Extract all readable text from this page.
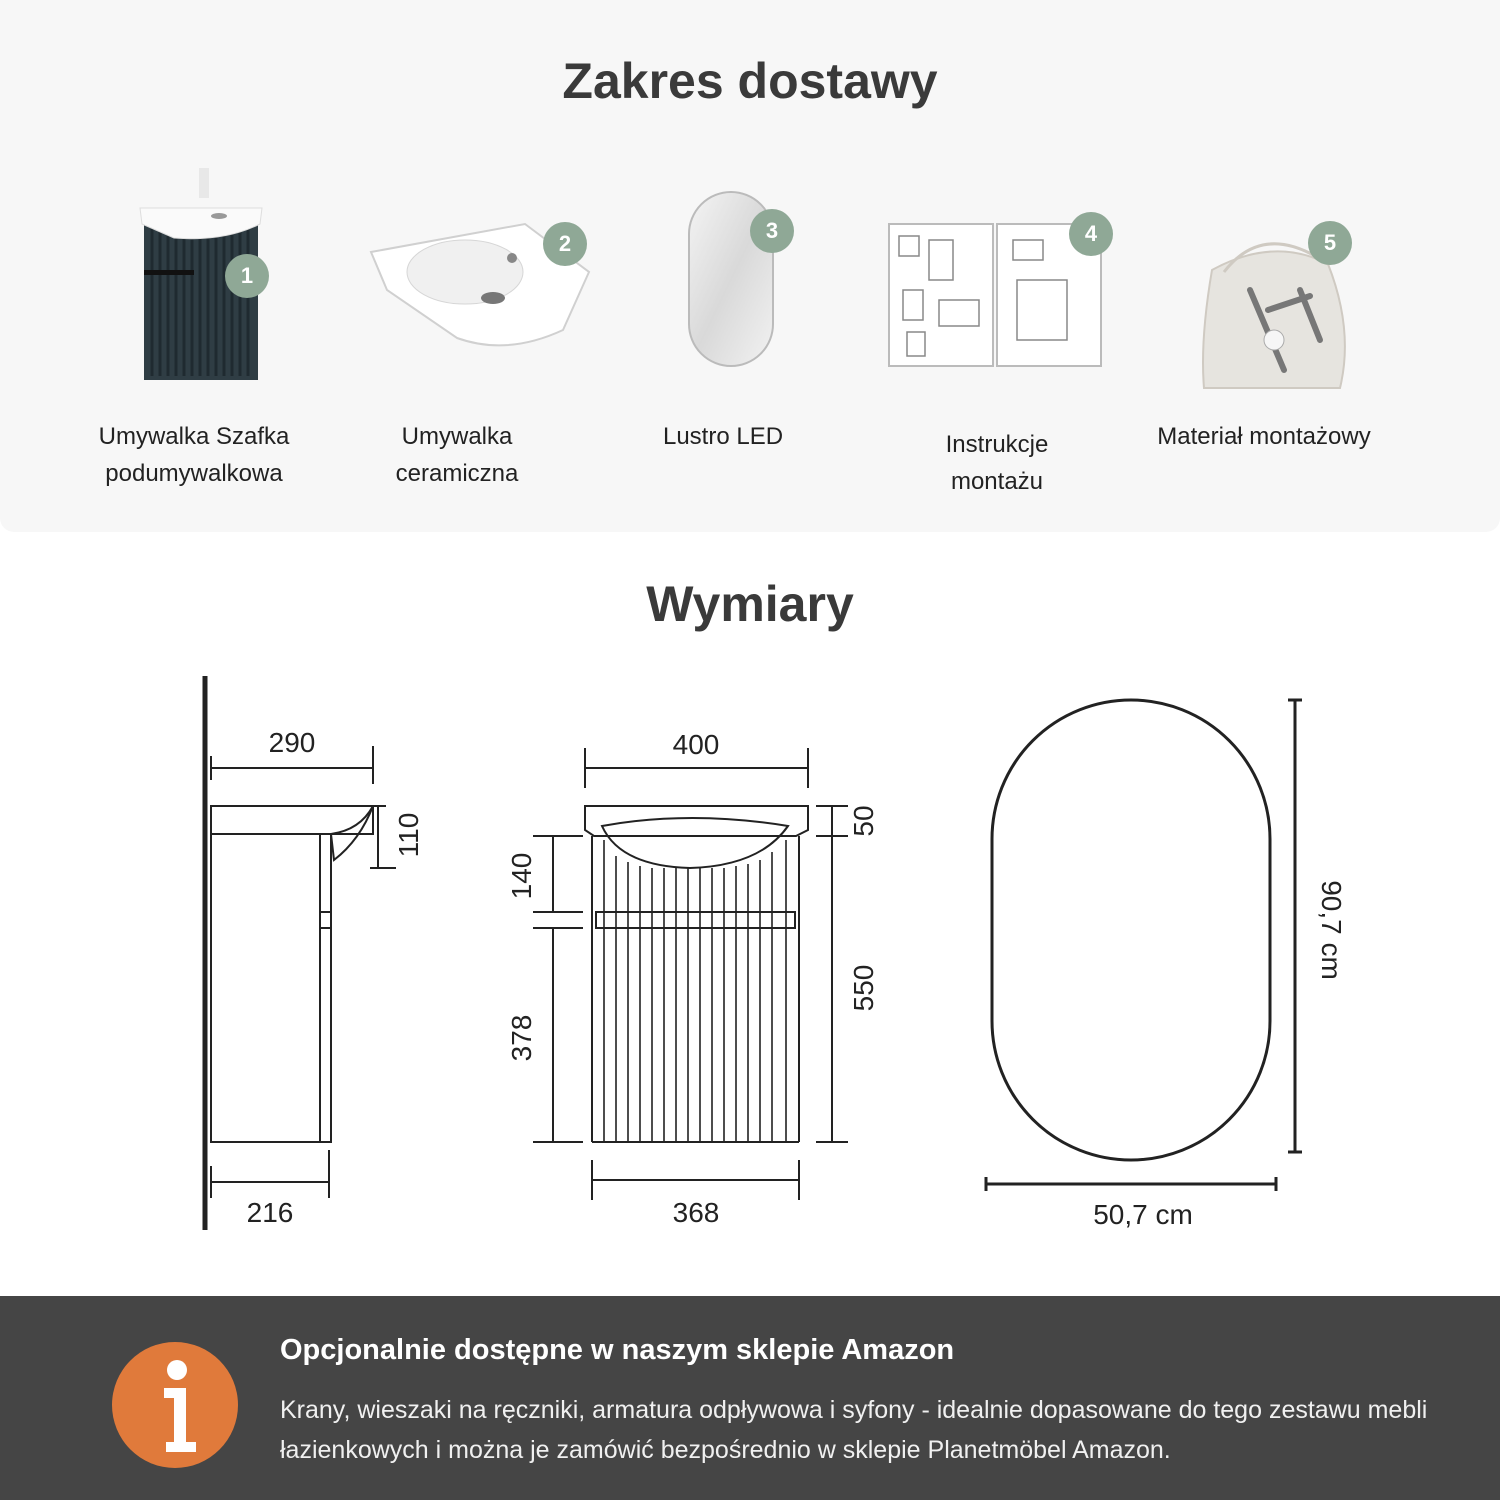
Zakres dostawy
1
Umywalka Szafka
podumywalkowa
2
Umywalka
ceramiczna
3
Lustro LED
4
Instrukcje
montażu
5
Materiał montażowy
Wymiary
290
216
110
400
368
50
550
140
378
90,7 cm
50,7 cm
Opcjonalnie dostępne w naszym sklepie Amazon
Krany, wieszaki na ręczniki, armatura odpływowa i syfony - idealnie dopasowane do tego zestawu mebli łazienkowych i można je zamówić bezpośrednio w sklepie Planetmöbel Amazon.
